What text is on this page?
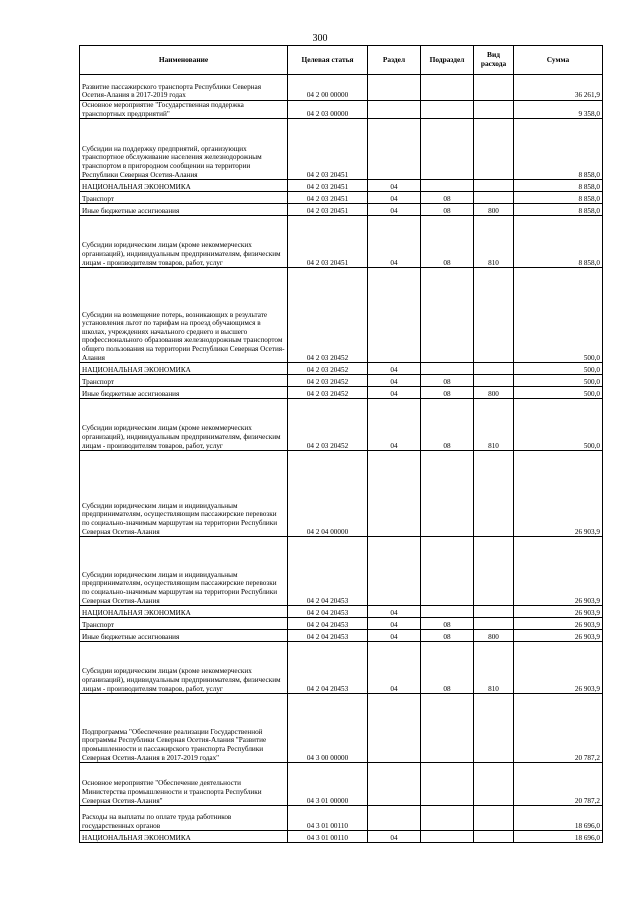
300
Наименование	Целевая статья	Раздел	Подраздел	Вид расхода	Сумма
Развитие пассажирского транспорта Республики Северная Осетия-Алания в 2017-2019 годах	04 2 00 00000				36 261,9
Основное мероприятие "Государственная поддержка транспортных предприятий"	04 2 03 00000				9 358,0
Субсидии на поддержку предприятий, организующих транспортное обслуживание населения железнодорожным транспортом в пригородном сообщении на территории Республики Северная Осетия-Алания	04 2 03 20451				8 858,0
НАЦИОНАЛЬНАЯ ЭКОНОМИКА	04 2 03 20451	04			8 858,0
Транспорт	04 2 03 20451	04	08		8 858,0
Иные бюджетные ассигнования	04 2 03 20451	04	08	800	8 858,0
Субсидии юридическим лицам (кроме некоммерческих организаций), индивидуальным предпринимателям, физическим лицам - производителям товаров, работ, услуг	04 2 03 20451	04	08	810	8 858,0
Субсидии на возмещение потерь, возникающих в результате установления льгот по тарифам на проезд обучающимся в школах, учреждениях начального среднего и высшего профессионального образования железнодорожным транспортом общего пользования на территории Республики Северная Осетия-Алания	04 2 03 20452				500,0
НАЦИОНАЛЬНАЯ ЭКОНОМИКА	04 2 03 20452	04			500,0
Транспорт	04 2 03 20452	04	08		500,0
Иные бюджетные ассигнования	04 2 03 20452	04	08	800	500,0
Субсидии юридическим лицам (кроме некоммерческих организаций), индивидуальным предпринимателям, физическим лицам - производителям товаров, работ, услуг	04 2 03 20452	04	08	810	500,0
Субсидии юридическим лицам и индивидуальным предпринимателям, осуществляющим пассажирские перевозки по социально-значимым маршрутам на территории Республики Северная Осетия-Алания	04 2 04 00000				26 903,9
Субсидии юридическим лицам и индивидуальным предпринимателям, осуществляющим пассажирские перевозки по социально-значимым маршрутам на территории Республики Северная Осетия-Алания	04 2 04 20453				26 903,9
НАЦИОНАЛЬНАЯ ЭКОНОМИКА	04 2 04 20453	04			26 903,9
Транспорт	04 2 04 20453	04	08		26 903,9
Иные бюджетные ассигнования	04 2 04 20453	04	08	800	26 903,9
Субсидии юридическим лицам (кроме некоммерческих организаций), индивидуальным предпринимателям, физическим лицам - производителям товаров, работ, услуг	04 2 04 20453	04	08	810	26 903,9
Подпрограмма "Обеспечение реализации Государственной программы Республики Северная Осетия-Алания "Развитие промышленности и пассажирского транспорта Республики Северная Осетия-Алания в 2017-2019 годах"	04 3 00 00000				20 787,2
Основное мероприятие "Обеспечение деятельности Министерства промышленности и транспорта Республики Северная Осетия-Алания"	04 3 01 00000				20 787,2
Расходы на выплаты по оплате труда работников государственных органов	04 3 01 00110				18 696,0
НАЦИОНАЛЬНАЯ ЭКОНОМИКА	04 3 01 00110	04			18 696,0
